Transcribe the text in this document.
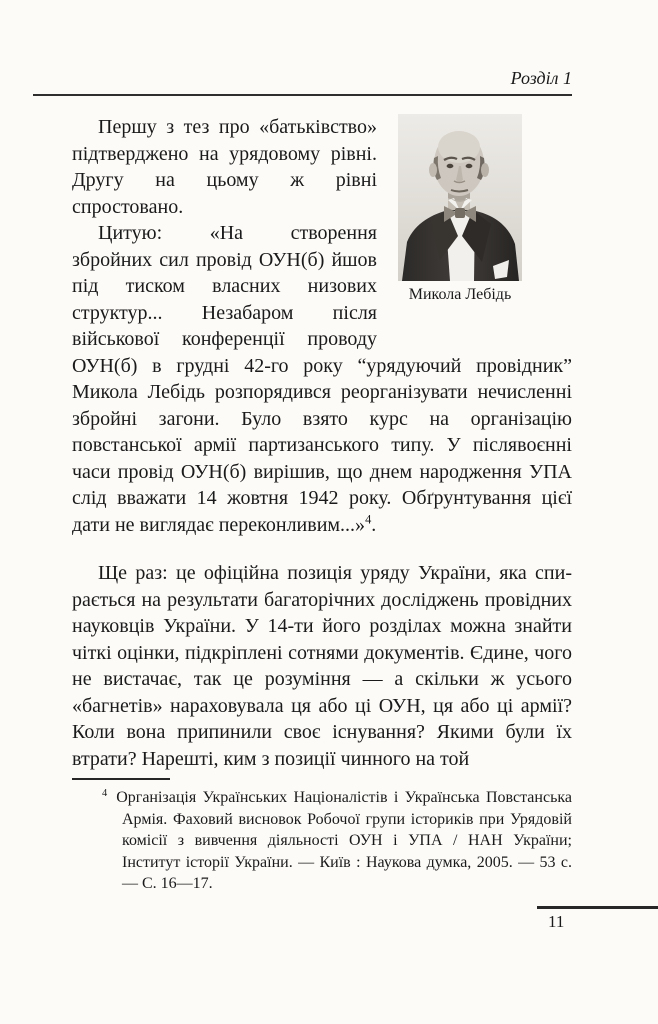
Розділ 1
Микола Лебідь

Першу з тез про «батьківство» підтверджено на урядовому рівні. Другу на цьому ж рівні спростовано.

Цитую: «На створення збройних сил провід ОУН(б) йшов під тиском власних низових структур... Незабаром після військової конференції проводу ОУН(б) в грудні 42-го року “урядуючий провідник” Микола Лебідь розпорядився реорганізувати нечисленні збройні загони. Було взято курс на організацію повстанської армії партизанського типу. У післявоєнні часи провід ОУН(б) вирішив, що днем народження УПА слід вважати 14 жовтня 1942 року. Обґрунтування цієї дати не виглядає переконливим...»$^4$.

Ще раз: це офіційна позиція уряду України, яка спирається на результати багаторічних досліджень провідних науковців України. У 14-ти його розділах можна знайти чіткі оцінки, підкріплені сотнями документів. Єдине, чого не вистачає, так це розуміння — а скільки ж усього «багнетів» нараховувала ця або ці ОУН, ця або ці армії? Коли вона припинили своє існування? Якими були їх втрати? Нарешті, ким з позиції чинного на той

$^4$ Організація Українських Націоналістів і Українська Повстанська Армія. Фаховий висновок Робочої групи істориків при Урядовій комісії з вивчення діяльності ОУН і УПА / НАН України; Інститут історії України. — Київ : Наукова думка, 2005. — 53 с. — С. 16—17.

11
